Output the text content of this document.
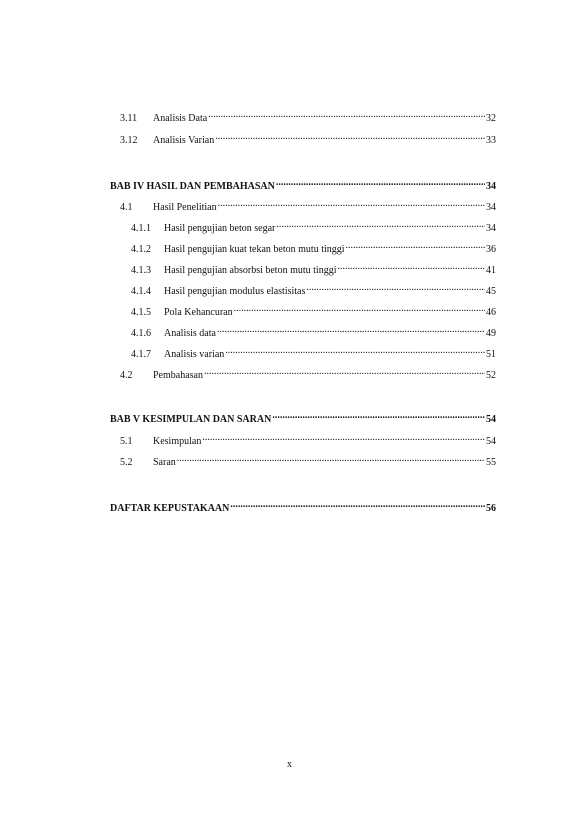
3.11	Analisis Data .....	32
3.12	Analisis Varian .....	33
BAB IV HASIL DAN PEMBAHASAN .....	34
4.1	Hasil Penelitian .....	34
4.1.1	Hasil pengujian beton segar .....	34
4.1.2	Hasil pengujian kuat tekan beton mutu tinggi .....	36
4.1.3	Hasil pengujian absorbsi beton mutu tinggi .....	41
4.1.4	Hasil pengujian modulus elastisitas .....	45
4.1.5	Pola Kehancuran .....	46
4.1.6	Analisis data .....	49
4.1.7	Analisis varian .....	51
4.2	Pembahasan .....	52
BAB V KESIMPULAN DAN SARAN .....	54
5.1	Kesimpulan .....	54
5.2	Saran .....	55
DAFTAR KEPUSTAKAAN .....	56
x
